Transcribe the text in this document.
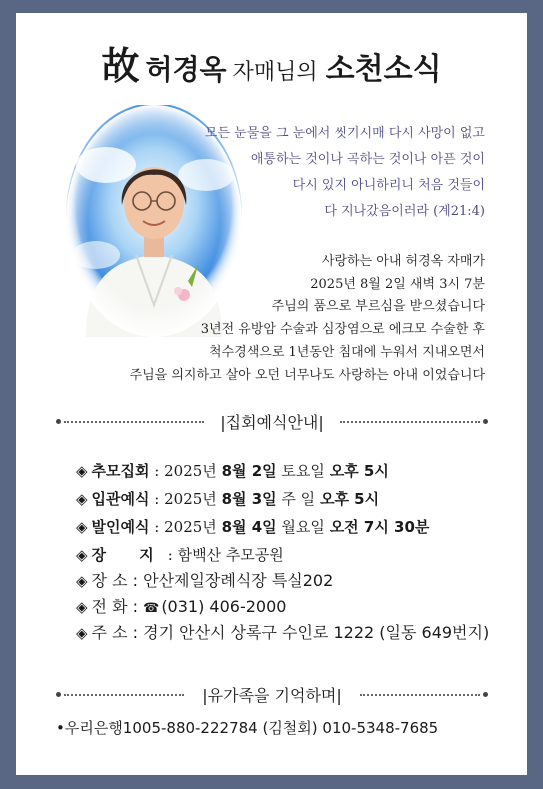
故 허경옥 자매님의 소천소식
모든 눈물을 그 눈에서 씻기시매 다시 사망이 없고
애통하는 것이나 곡하는 것이나 아픈 것이
다시 있지 아니하리니 처음 것들이
다 지나갔음이러라 (계21:4)
사랑하는 아내 허경옥 자매가
2025년 8월 2일 새벽 3시 7분
주님의 품으로 부르심을 받으셨습니다
3년전 유방암 수술과 심장염으로 에크모 수술한 후
척수경색으로 1년동안 침대에 누워서 지내오면서
주님을 의지하고 살아 오던 너무나도 사랑하는 아내 이었습니다
|집회예식안내|
◈ 추모집회 : 2025년 8월 2일 토요일 오후 5시
◈ 입관예식 : 2025년 8월 3일 주 일 오후 5시
◈ 발인예식 : 2025년 8월 4일 월요일 오전 7시 30분
◈ 장 지: 함백산 추모공원
◈ 장 소 : 안산제일장례식장 특실202
◈ 전 화 : ☎ (031) 406-2000
◈ 주 소 : 경기 안산시 상록구 수인로 1222 (일동 649번지)
|유가족을 기억하며|
•우리은행1005-880-222784 (김철회) 010-5348-7685
